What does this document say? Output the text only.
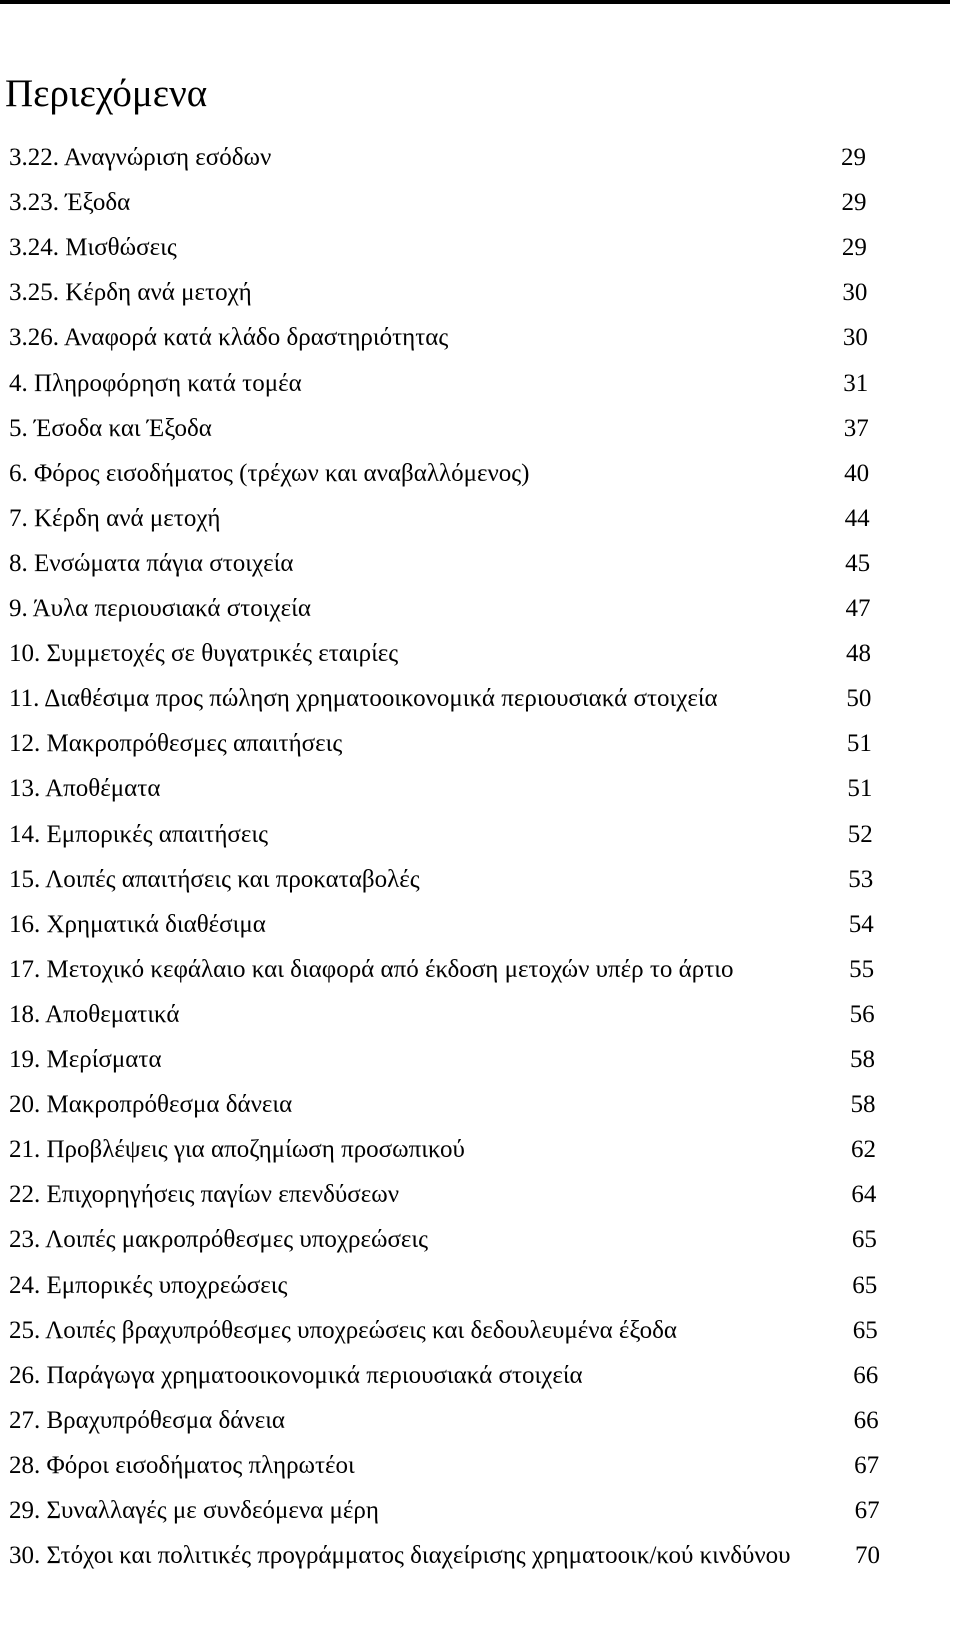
Περιεχόμενα
3.22. Αναγνώριση εσόδων	29
3.23. Έξοδα	29
3.24. Μισθώσεις	29
3.25. Κέρδη ανά μετοχή	30
3.26. Αναφορά κατά κλάδο δραστηριότητας	30
4. Πληροφόρηση κατά τομέα	31
5. Έσοδα και Έξοδα	37
6. Φόρος εισοδήματος (τρέχων και αναβαλλόμενος)	40
7. Κέρδη ανά μετοχή	44
8. Ενσώματα πάγια στοιχεία	45
9. Άυλα περιουσιακά στοιχεία	47
10. Συμμετοχές σε θυγατρικές εταιρίες	48
11. Διαθέσιμα προς πώληση χρηματοοικονομικά περιουσιακά στοιχεία	50
12. Μακροπρόθεσμες απαιτήσεις	51
13. Αποθέματα	51
14. Εμπορικές απαιτήσεις	52
15. Λοιπές απαιτήσεις και προκαταβολές	53
16. Χρηματικά διαθέσιμα	54
17. Μετοχικό κεφάλαιο και διαφορά από έκδοση μετοχών υπέρ το άρτιο	55
18. Αποθεματικά	56
19. Μερίσματα	58
20. Μακροπρόθεσμα δάνεια	58
21. Προβλέψεις για αποζημίωση προσωπικού	62
22. Επιχορηγήσεις παγίων επενδύσεων	64
23. Λοιπές μακροπρόθεσμες υποχρεώσεις	65
24. Εμπορικές υποχρεώσεις	65
25. Λοιπές βραχυπρόθεσμες υποχρεώσεις και δεδουλευμένα έξοδα	65
26. Παράγωγα χρηματοοικονομικά περιουσιακά στοιχεία	66
27. Βραχυπρόθεσμα δάνεια	66
28. Φόροι εισοδήματος πληρωτέοι	67
29. Συναλλαγές με συνδεόμενα μέρη	67
30. Στόχοι και πολιτικές προγράμματος διαχείρισης χρηματοοικ/κού κινδύνου	70
